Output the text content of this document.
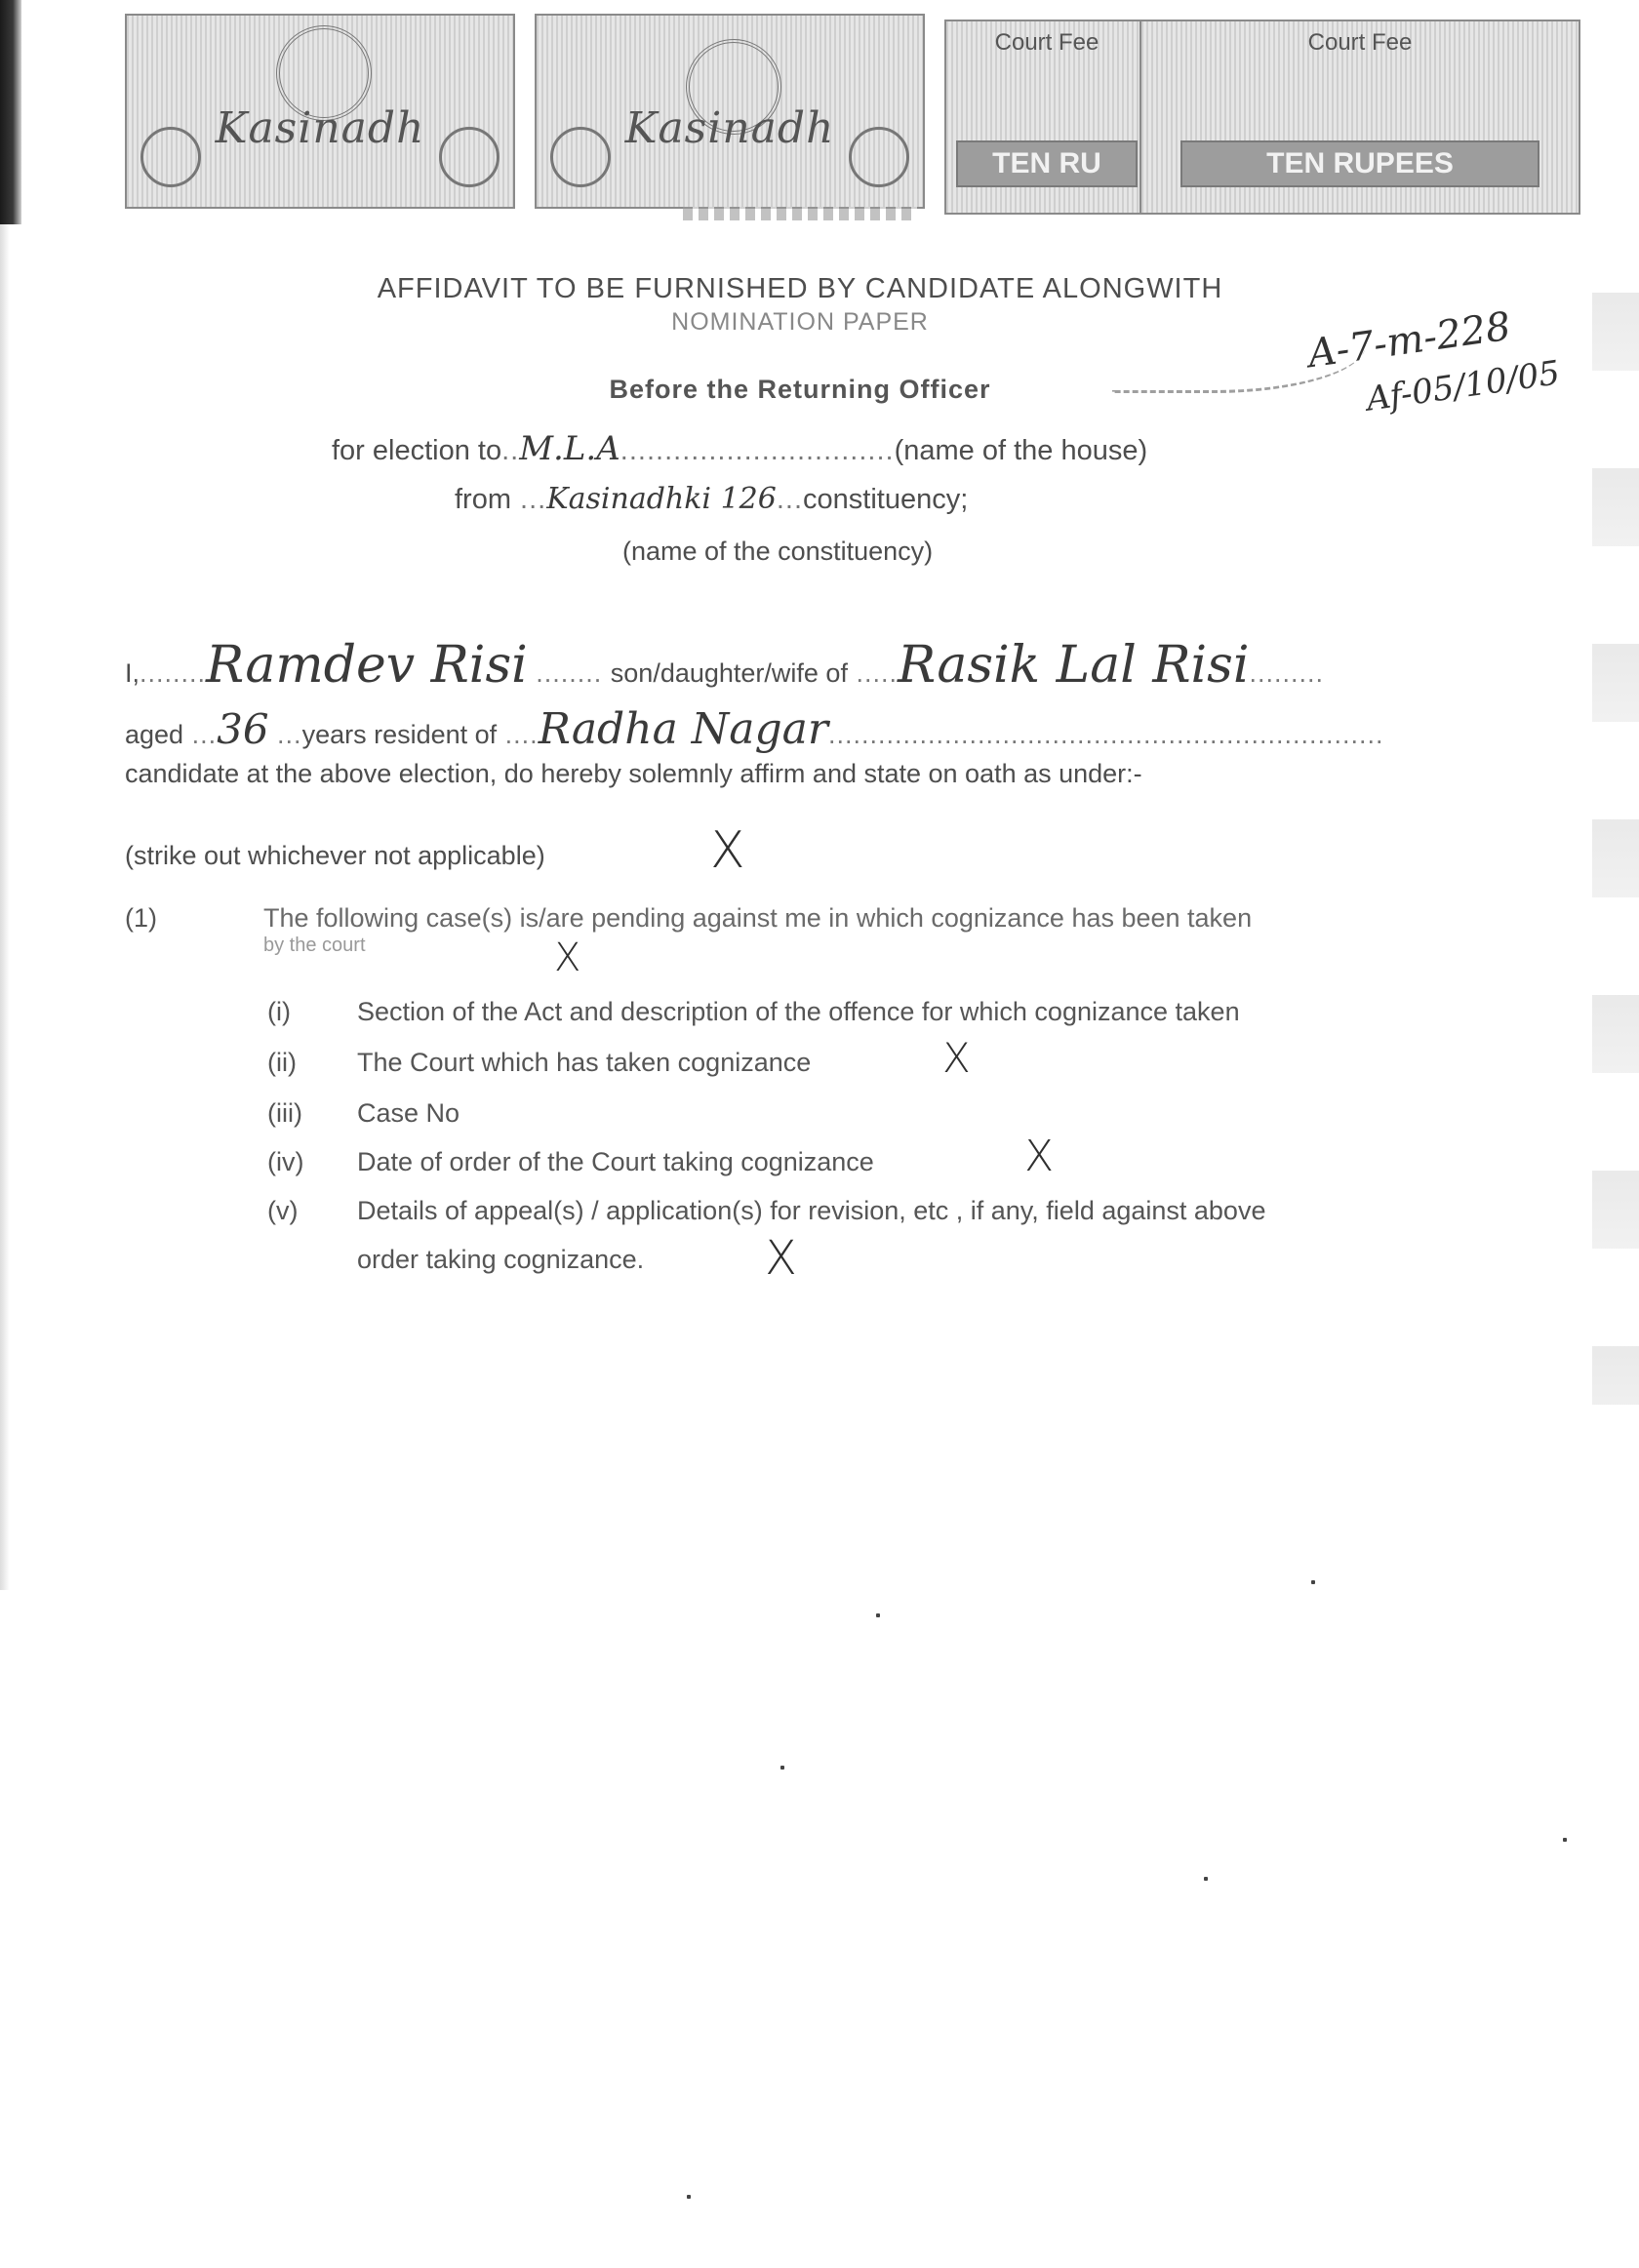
Kasinadh	Kasinadh
Court Fee
TEN RU
Court Fee
TEN RUPEES
AFFIDAVIT TO BE FURNISHED BY CANDIDATE ALONGWITH
NOMINATION PAPER
Before the Returning Officer
A-7-m-228
Af-05/10/05
for election to..M.L.A...............................(name of the house)
from ...Kasinadhki 126...constituency;
(name of the constituency)
I,........Ramdev Risi ........ son/daughter/wife of .....Rasik Lal Risi.........
aged ...36 ...years resident of ....Radha Nagar...................................................................
candidate at the above election, do hereby solemnly affirm and state on oath as under:-
(strike out whichever not applicable)	X
(1)	The following case(s) is/are pending against me in which cognizance has been taken
by the court	X
(i)	Section of the Act and description of the offence for which cognizance taken
(ii) The Court which has taken cognizance	X
(iii) Case No
(iv) Date of order of the Court taking cognizance	X
(v) Details of appeal(s) / application(s) for revision, etc , if any, field against above
order taking cognizance.	X
